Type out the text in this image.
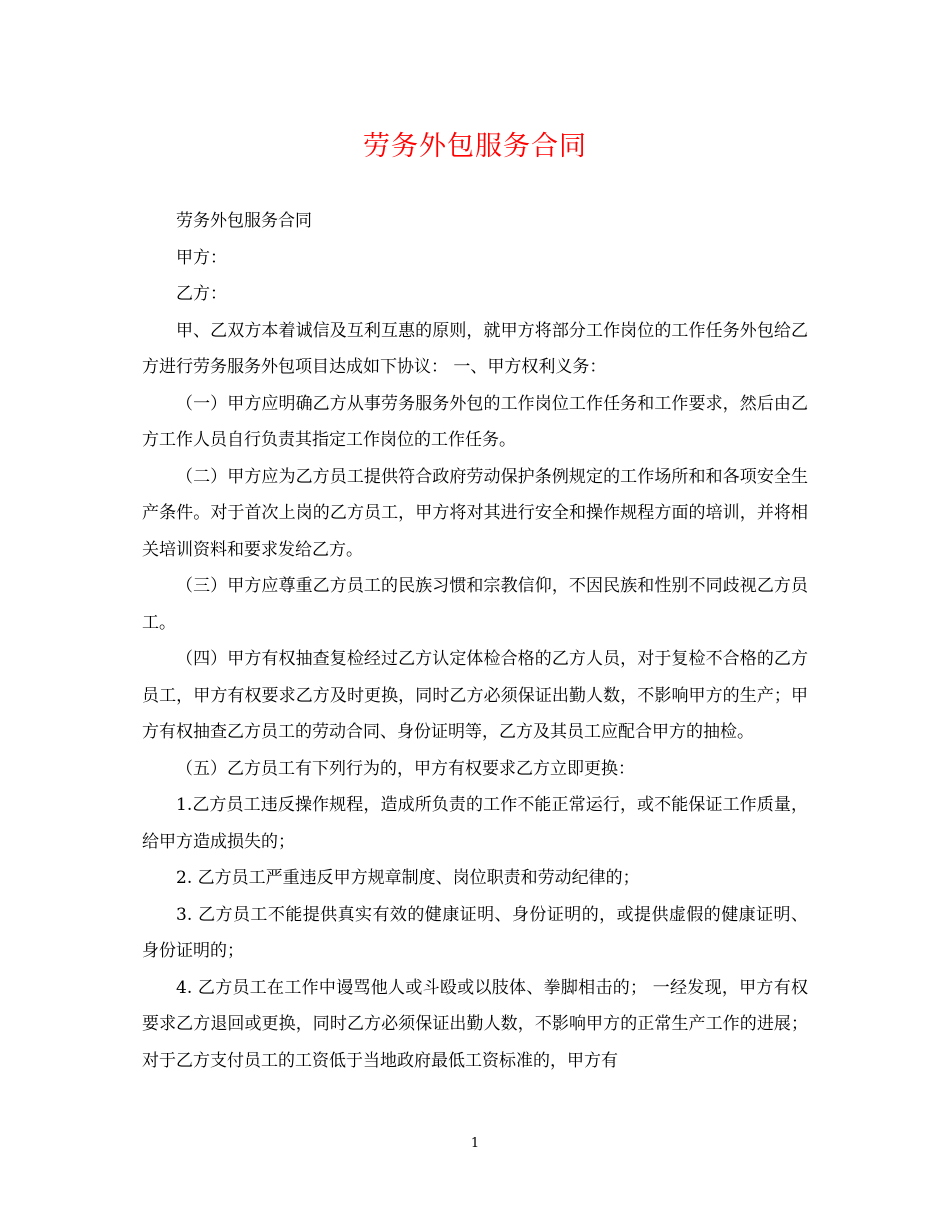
劳务外包服务合同

劳务外包服务合同

甲方：

乙方：

甲、乙双方本着诚信及互利互惠的原则，就甲方将部分工作岗位的工作任务外包给乙方进行劳务服务外包项目达成如下协议： 一、甲方权利义务：

（一）甲方应明确乙方从事劳务服务外包的工作岗位工作任务和工作要求，然后由乙方工作人员自行负责其指定工作岗位的工作任务。

（二）甲方应为乙方员工提供符合政府劳动保护条例规定的工作场所和和各项安全生产条件。对于首次上岗的乙方员工，甲方将对其进行安全和操作规程方面的培训，并将相关培训资料和要求发给乙方。

（三）甲方应尊重乙方员工的民族习惯和宗教信仰，不因民族和性别不同歧视乙方员工。

（四）甲方有权抽查复检经过乙方认定体检合格的乙方人员，对于复检不合格的乙方员工，甲方有权要求乙方及时更换，同时乙方必须保证出勤人数，不影响甲方的生产；甲方有权抽查乙方员工的劳动合同、身份证明等，乙方及其员工应配合甲方的抽检。

（五）乙方员工有下列行为的，甲方有权要求乙方立即更换：

1.乙方员工违反操作规程，造成所负责的工作不能正常运行，或不能保证工作质量，给甲方造成损失的；

2. 乙方员工严重违反甲方规章制度、岗位职责和劳动纪律的；

3. 乙方员工不能提供真实有效的健康证明、身份证明的，或提供虚假的健康证明、身份证明的；

4. 乙方员工在工作中谩骂他人或斗殴或以肢体、拳脚相击的； 一经发现，甲方有权要求乙方退回或更换，同时乙方必须保证出勤人数，不影响甲方的正常生产工作的进展；对于乙方支付员工的工资低于当地政府最低工资标准的，甲方有

1
